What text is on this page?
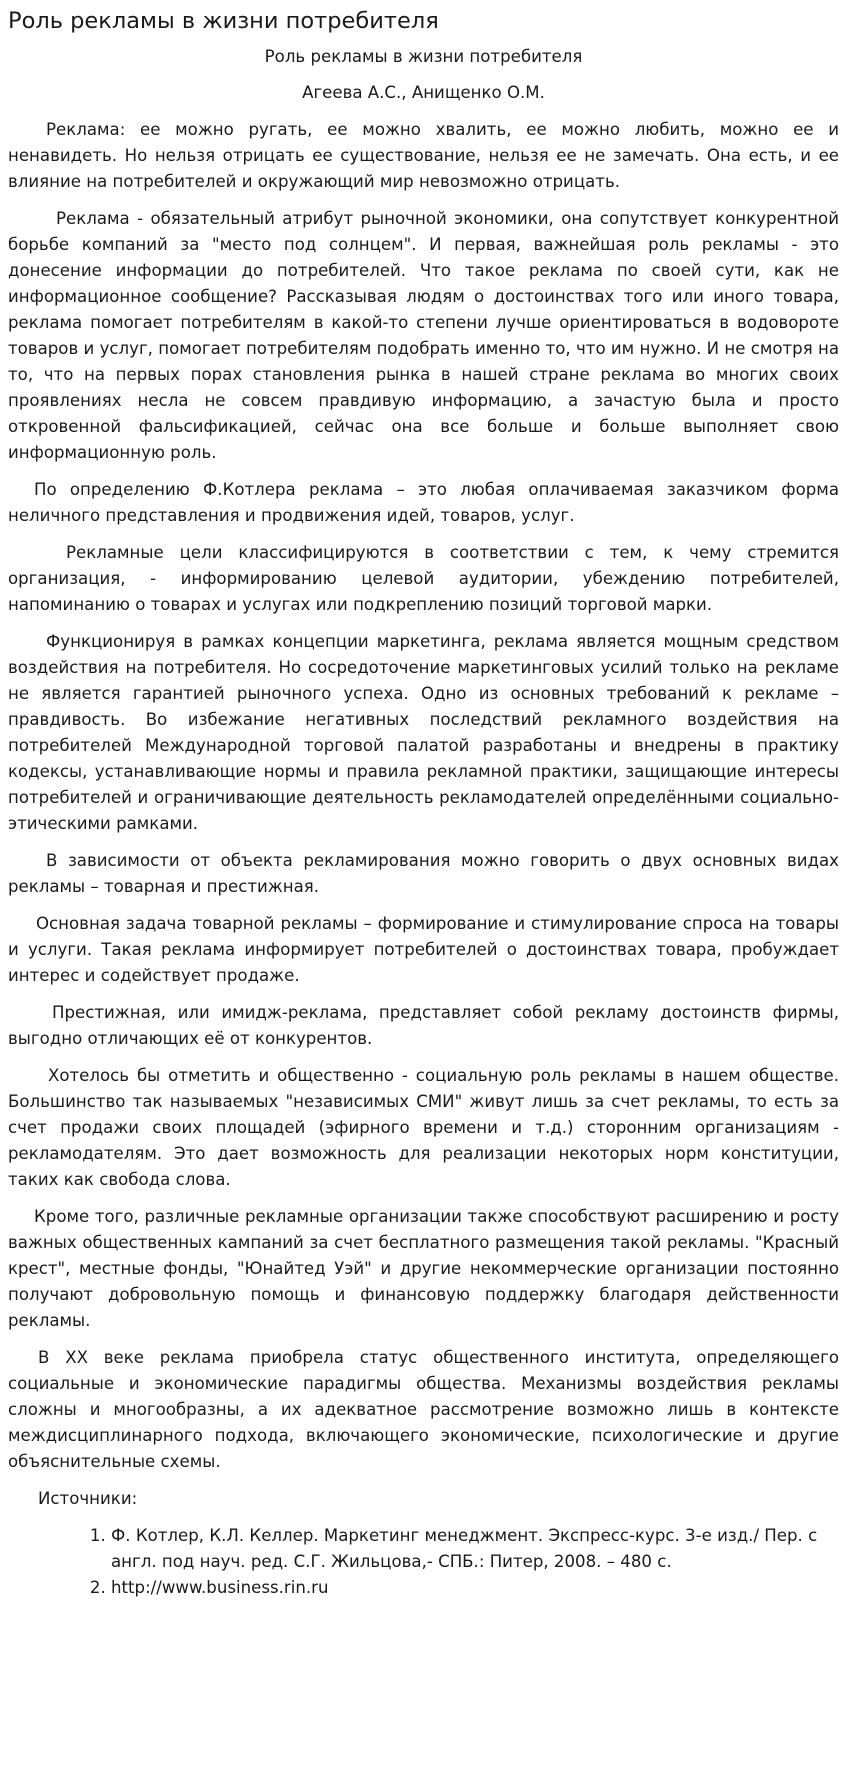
Роль рекламы в жизни потребителя

Роль рекламы в жизни потребителя

Агеева А.С., Анищенко О.М.

Реклама: ее можно ругать, ее можно хвалить, ее можно любить, можно ее и ненавидеть. Но нельзя отрицать ее существование, нельзя ее не замечать. Она есть, и ее влияние на потребителей и окружающий мир невозможно отрицать.

Реклама - обязательный атрибут рыночной экономики, она сопутствует конкурентной борьбе компаний за "место под солнцем". И первая, важнейшая роль рекламы - это донесение информации до потребителей. Что такое реклама по своей сути, как не информационное сообщение? Рассказывая людям о достоинствах того или иного товара, реклама помогает потребителям в какой-то степени лучше ориентироваться в водовороте товаров и услуг, помогает потребителям подобрать именно то, что им нужно. И не смотря на то, что на первых порах становления рынка в нашей стране реклама во многих своих проявлениях несла не совсем правдивую информацию, а зачастую была и просто откровенной фальсификацией, сейчас она все больше и больше выполняет свою информационную роль.

По определению Ф.Котлера реклама – это любая оплачиваемая заказчиком форма неличного представления и продвижения идей, товаров, услуг.

Рекламные цели классифицируются в соответствии с тем, к чему стремится организация, - информированию целевой аудитории, убеждению потребителей, напоминанию о товарах и услугах или подкреплению позиций торговой марки.

Функционируя в рамках концепции маркетинга, реклама является мощным средством воздействия на потребителя. Но сосредоточение маркетинговых усилий только на рекламе не является гарантией рыночного успеха. Одно из основных требований к рекламе – правдивость. Во избежание негативных последствий рекламного воздействия на потребителей Международной торговой палатой разработаны и внедрены в практику кодексы, устанавливающие нормы и правила рекламной практики, защищающие интересы потребителей и ограничивающие деятельность рекламодателей определёнными социально-этическими рамками.

В зависимости от объекта рекламирования можно говорить о двух основных видах рекламы – товарная и престижная.

Основная задача товарной рекламы – формирование и стимулирование спроса на товары и услуги. Такая реклама информирует потребителей о достоинствах товара, пробуждает интерес и содействует продаже.

Престижная, или имидж-реклама, представляет собой рекламу достоинств фирмы, выгодно отличающих её от конкурентов.

Хотелось бы отметить и общественно - социальную роль рекламы в нашем обществе. Большинство так называемых "независимых СМИ" живут лишь за счет рекламы, то есть за счет продажи своих площадей (эфирного времени и т.д.) сторонним организациям - рекламодателям. Это дает возможность для реализации некоторых норм конституции, таких как свобода слова.

Кроме того, различные рекламные организации также способствуют расширению и росту важных общественных кампаний за счет бесплатного размещения такой рекламы. "Красный крест", местные фонды, "Юнайтед Уэй" и другие некоммерческие организации постоянно получают добровольную помощь и финансовую поддержку благодаря действенности рекламы.

В XX веке реклама приобрела статус общественного института, определяющего социальные и экономические парадигмы общества. Механизмы воздействия рекламы сложны и многообразны, а их адекватное рассмотрение возможно лишь в контексте междисциплинарного подхода, включающего экономические, психологические и другие объяснительные схемы.

Источники:

1. Ф. Котлер, К.Л. Келлер. Маркетинг менеджмент. Экспресс-курс. 3-е изд./ Пер. с англ. под науч. ред. С.Г. Жильцова,- СПБ.: Питер, 2008. – 480 с.
2. http://www.business.rin.ru
